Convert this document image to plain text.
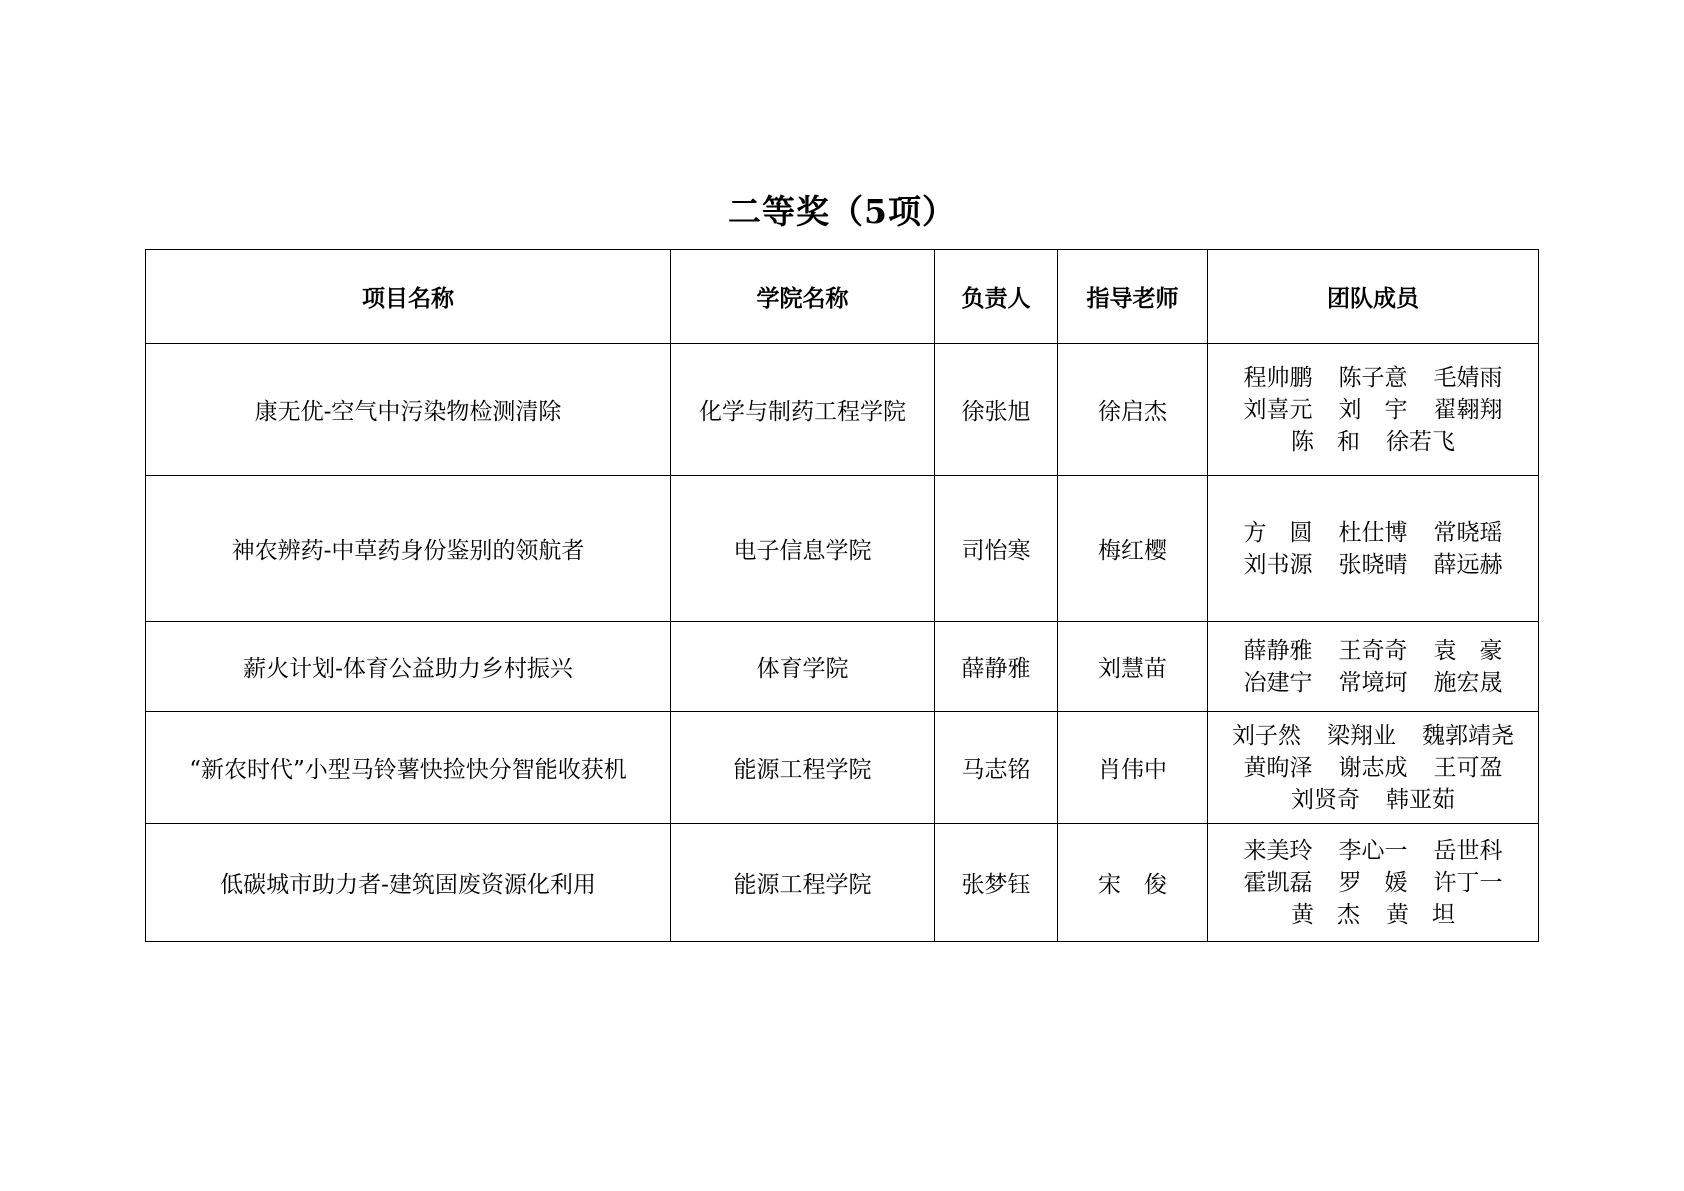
二等奖（5项）
项目名称	学院名称	负责人	指导老师	团队成员
康无优-空气中污染物检测清除	化学与制药工程学院	徐张旭	徐启杰	程帅鹏 陈子意 毛婧雨
刘喜元 刘　宇 翟翱翔
陈　和 徐若飞

神农辨药-中草药身份鉴别的领航者	电子信息学院	司怡寒	梅红樱	方　圆 杜仕博 常晓瑶
刘书源 张晓晴 薛远赫

薪火计划-体育公益助力乡村振兴	体育学院	薛静雅	刘慧苗	薛静雅 王奇奇 袁　豪
冶建宁 常境坷 施宏晟

“新农时代”小型马铃薯快捡快分智能收获机	能源工程学院	马志铭	肖伟中	刘子然 梁翔业 魏郭靖尧
黄昫泽 谢志成 王可盈
刘贤奇 韩亚茹

低碳城市助力者-建筑固废资源化利用	能源工程学院	张梦钰	宋　俊	来美玲 李心一 岳世科
霍凯磊 罗　媛 许丁一
黄　杰 黄　坦
